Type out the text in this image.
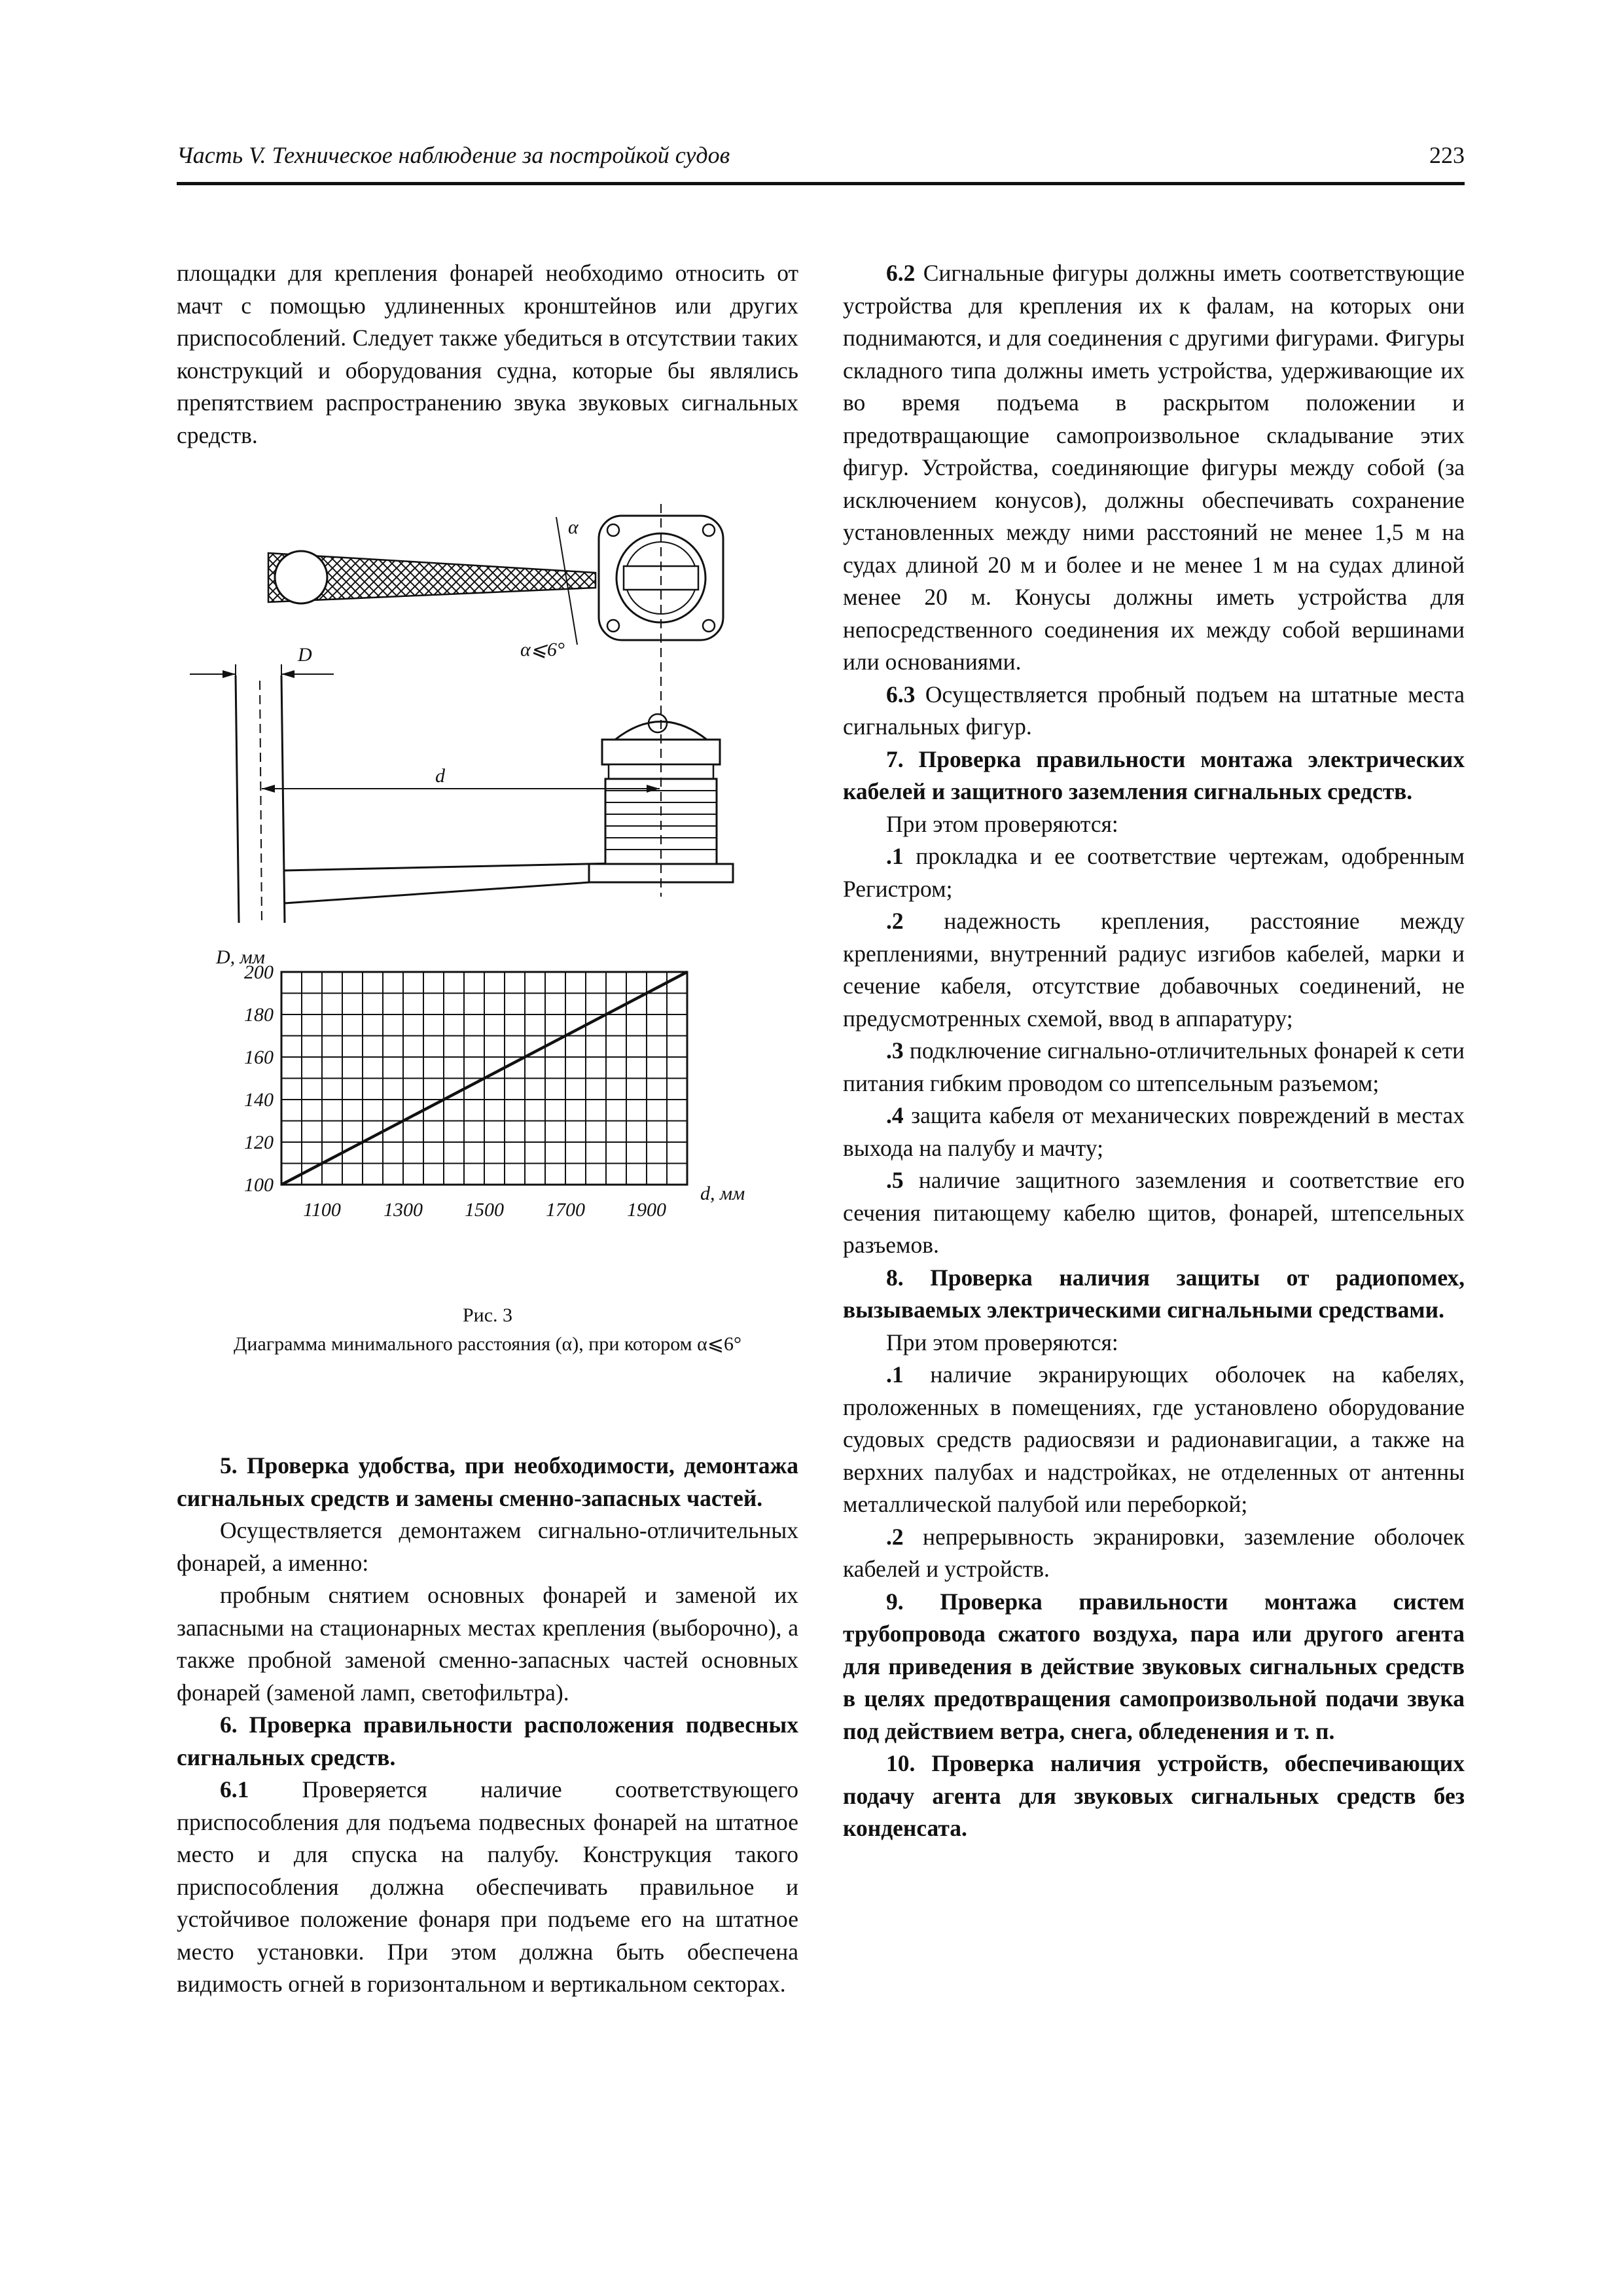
Часть V. Техническое наблюдение за постройкой судов	223

площадки для крепления фонарей необходимо относить от мачт с помощью удлиненных кронштейнов или других приспособлений. Следует также убедиться в отсутствии таких конструкций и оборудования судна, которые бы являлись препятствием распространению звука звуковых сигнальных средств.

α
α⩽6°
D
d
100
120
140
160
180
200
1100 1300 1500 1700 1900
D, мм
d, мм
Рис. 3
Диаграмма минимального расстояния (α), при котором α⩽6°

5. Проверка удобства, при необходимости, демонтажа сигнальных средств и замены сменно-запасных частей.

Осуществляется демонтажем сигнально-отличительных фонарей, а именно:

пробным снятием основных фонарей и заменой их запасными на стационарных местах крепления (выборочно), а также пробной заменой сменно-запасных частей основных фонарей (заменой ламп, светофильтра).

6. Проверка правильности расположения подвесных сигнальных средств.

6.1 Проверяется наличие соответствующего приспособления для подъема подвесных фонарей на штатное место и для спуска на палубу. Конструкция такого приспособления должна обеспечивать правильное и устойчивое положение фонаря при подъеме его на штатное место установки. При этом должна быть обеспечена видимость огней в горизонтальном и вертикальном секторах.

6.2 Сигнальные фигуры должны иметь соответствующие устройства для крепления их к фалам, на которых они поднимаются, и для соединения с другими фигурами. Фигуры складного типа должны иметь устройства, удерживающие их во время подъема в раскрытом положении и предотвращающие самопроизвольное складывание этих фигур. Устройства, соединяющие фигуры между собой (за исключением конусов), должны обеспечивать сохранение установленных между ними расстояний не менее 1,5 м на судах длиной 20 м и более и не менее 1 м на судах длиной менее 20 м. Конусы должны иметь устройства для непосредственного соединения их между собой вершинами или основаниями.

6.3 Осуществляется пробный подъем на штатные места сигнальных фигур.

7. Проверка правильности монтажа электрических кабелей и защитного заземления сигнальных средств.

При этом проверяются:

.1 прокладка и ее соответствие чертежам, одобренным Регистром;

.2 надежность крепления, расстояние между креплениями, внутренний радиус изгибов кабелей, марки и сечение кабеля, отсутствие добавочных соединений, не предусмотренных схемой, ввод в аппаратуру;

.3 подключение сигнально-отличительных фонарей к сети питания гибким проводом со штепсельным разъемом;

.4 защита кабеля от механических повреждений в местах выхода на палубу и мачту;

.5 наличие защитного заземления и соответствие его сечения питающему кабелю щитов, фонарей, штепсельных разъемов.

8. Проверка наличия защиты от радиопомех, вызываемых электрическими сигнальными средствами.

При этом проверяются:

.1 наличие экранирующих оболочек на кабелях, проложенных в помещениях, где установлено оборудование судовых средств радиосвязи и радионавигации, а также на верхних палубах и надстройках, не отделенных от антенны металлической палубой или переборкой;

.2 непрерывность экранировки, заземление оболочек кабелей и устройств.

9. Проверка правильности монтажа систем трубопровода сжатого воздуха, пара или другого агента для приведения в действие звуковых сигнальных средств в целях предотвращения самопроизвольной подачи звука под действием ветра, снега, обледенения и т. п.

10. Проверка наличия устройств, обеспечивающих подачу агента для звуковых сигнальных средств без конденсата.
